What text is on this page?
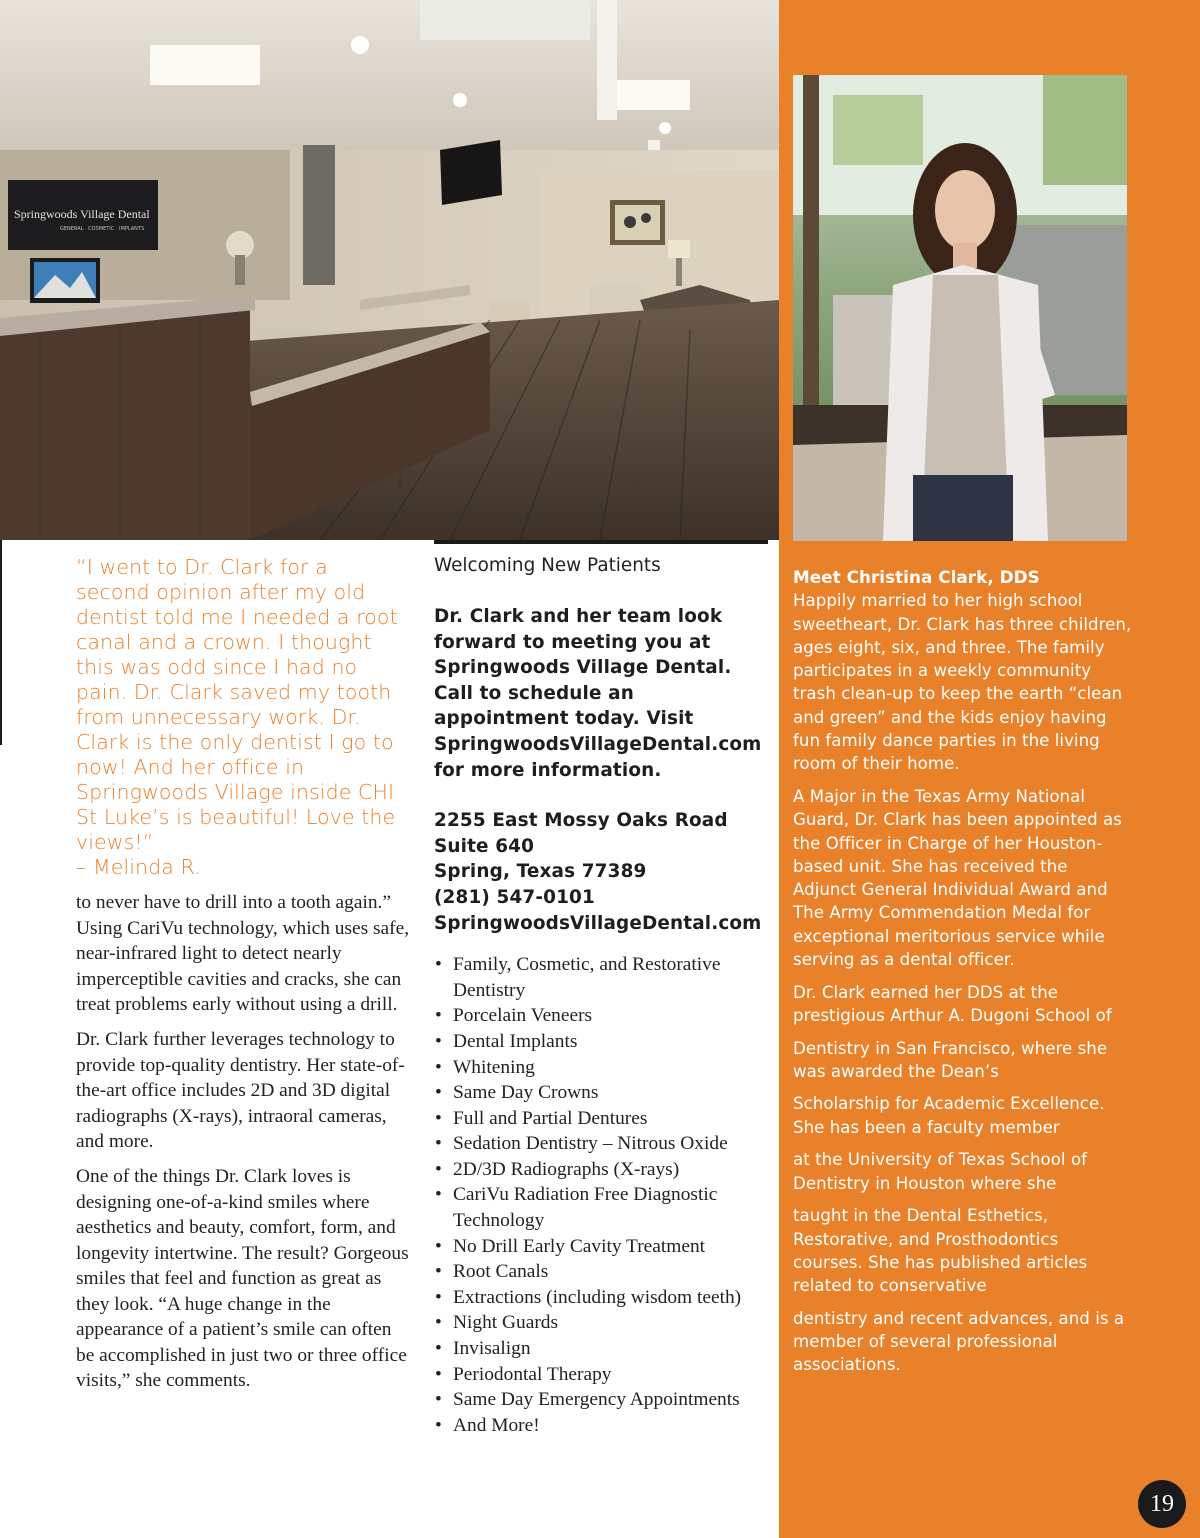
Springwoods Village Dental
GENERAL · COSMETIC · IMPLANTS
“I went to Dr. Clark for a second opinion after my old dentist told me I needed a root canal and a crown. I thought this was odd since I had no pain. Dr. Clark saved my tooth from unnecessary work. Dr. Clark is the only dentist I go to now! And her office in Springwoods Village inside CHI St Luke’s is beautiful! Love the views!”
– Melinda R.

to never have to drill into a tooth again.” Using CariVu technology, which uses safe, near-infrared light to detect nearly imperceptible cavities and cracks, she can treat problems early without using a drill.

Dr. Clark further leverages technology to provide top-quality dentistry. Her state-of-the-art office includes 2D and 3D digital radiographs (X-rays), intraoral cameras, and more.

One of the things Dr. Clark loves is designing one-of-a-kind smiles where aesthetics and beauty, comfort, form, and longevity intertwine. The result? Gorgeous smiles that feel and function as great as they look. “A huge change in the appearance of a patient’s smile can often be accomplished in just two or three office visits,” she comments.

Welcoming New Patients
Dr. Clark and her team look forward to meeting you at Springwoods Village Dental. Call to schedule an appointment today. Visit SpringwoodsVillageDental.com for more information.
2255 East Mossy Oaks Road
Suite 640
Spring, Texas 77389
(281) 547-0101
SpringwoodsVillageDental.com
• Family, Cosmetic, and Restorative Dentistry
• Porcelain Veneers
• Dental Implants
• Whitening
• Same Day Crowns
• Full and Partial Dentures
• Sedation Dentistry – Nitrous Oxide
• 2D/3D Radiographs (X-rays)
• CariVu Radiation Free Diagnostic Technology
• No Drill Early Cavity Treatment
• Root Canals
• Extractions (including wisdom teeth)
• Night Guards
• Invisalign
• Periodontal Therapy
• Same Day Emergency Appointments
• And More!
Meet Christina Clark, DDS

Happily married to her high school sweetheart, Dr. Clark has three children, ages eight, six, and three. The family participates in a weekly community trash clean-up to keep the earth “clean and green” and the kids enjoy having fun family dance parties in the living room of their home.

A Major in the Texas Army National Guard, Dr. Clark has been appointed as the Officer in Charge of her Houston-based unit. She has received the Adjunct General Individual Award and The Army Commendation Medal for exceptional meritorious service while serving as a dental officer.

Dr. Clark earned her DDS at the prestigious Arthur A. Dugoni School of

Dentistry in San Francisco, where she was awarded the Dean’s

Scholarship for Academic Excellence. She has been a faculty member

at the University of Texas School of Dentistry in Houston where she

taught in the Dental Esthetics, Restorative, and Prosthodontics courses. She has published articles related to conservative

dentistry and recent advances, and is a member of several professional associations.

19
